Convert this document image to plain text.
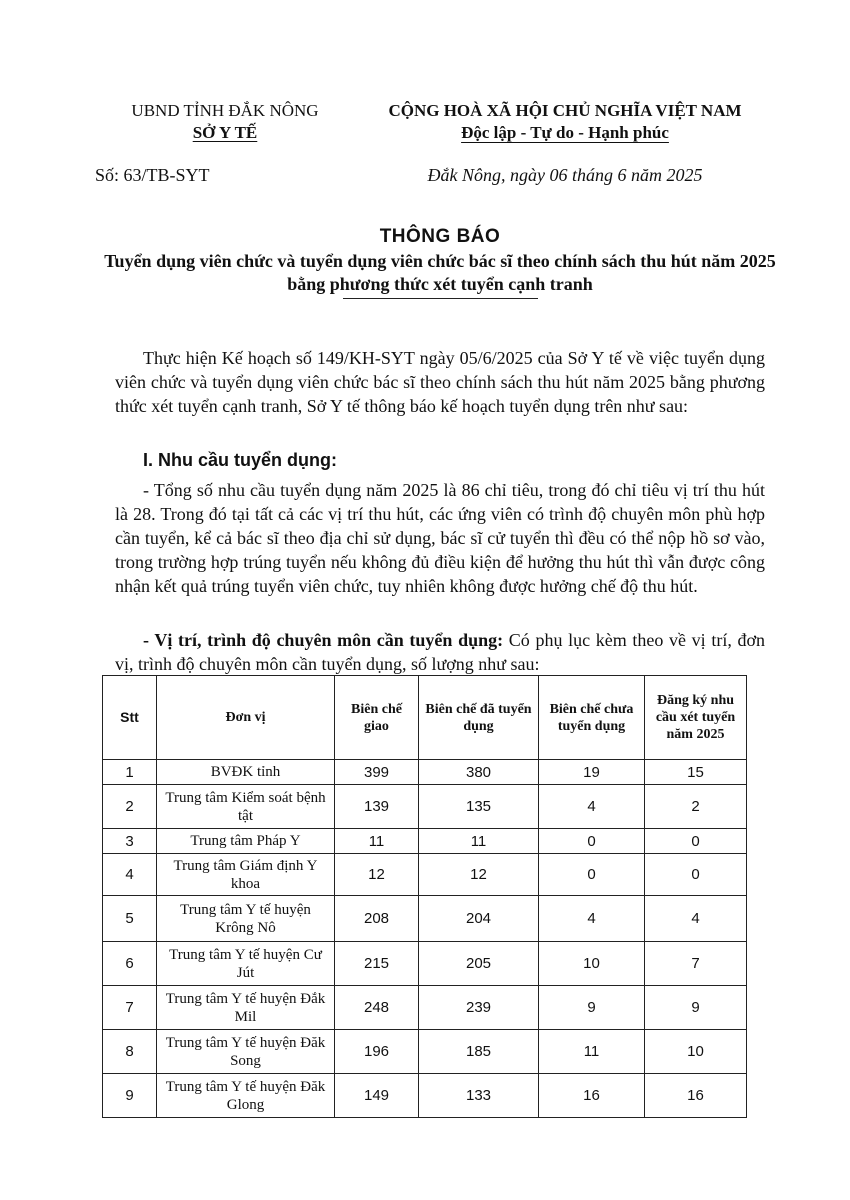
UBND TỈNH ĐẮK NÔNG
SỞ Y TẾ
CỘNG HOÀ XÃ HỘI CHỦ NGHĨA VIỆT NAM
Độc lập - Tự do - Hạnh phúc
Số: 63/TB-SYT	Đắk Nông, ngày 06 tháng 6 năm 2025
THÔNG BÁO
Tuyển dụng viên chức và tuyển dụng viên chức bác sĩ theo chính sách thu hút năm 2025 bằng phương thức xét tuyển cạnh tranh
Thực hiện Kế hoạch số 149/KH-SYT ngày 05/6/2025 của Sở Y tế về việc tuyển dụng viên chức và tuyển dụng viên chức bác sĩ theo chính sách thu hút năm 2025 bằng phương thức xét tuyển cạnh tranh, Sở Y tế thông báo kế hoạch tuyển dụng trên như sau:
I. Nhu cầu tuyển dụng:
- Tổng số nhu cầu tuyển dụng năm 2025 là 86 chỉ tiêu, trong đó chỉ tiêu vị trí thu hút là 28. Trong đó tại tất cả các vị trí thu hút, các ứng viên có trình độ chuyên môn phù hợp cần tuyển, kể cả bác sĩ theo địa chỉ sử dụng, bác sĩ cử tuyển thì đều có thể nộp hồ sơ vào, trong trường hợp trúng tuyển nếu không đủ điều kiện để hưởng thu hút thì vẫn được công nhận kết quả trúng tuyển viên chức, tuy nhiên không được hưởng chế độ thu hút.
- Vị trí, trình độ chuyên môn cần tuyển dụng: Có phụ lục kèm theo về vị trí, đơn vị, trình độ chuyên môn cần tuyển dụng, số lượng như sau:
Stt	Đơn vị	Biên chế giao	Biên chế đã tuyển dụng	Biên chế chưa tuyển dụng	Đăng ký nhu cầu xét tuyển năm 2025
1	BVĐK tỉnh	399	380	19	15
2	Trung tâm Kiểm soát bệnh tật	139	135	4	2
3	Trung tâm Pháp Y	11	11	0	0
4	Trung tâm Giám định Y khoa	12	12	0	0
5	Trung tâm Y tế huyện Krông Nô	208	204	4	4
6	Trung tâm Y tế huyện Cư Jút	215	205	10	7
7	Trung tâm Y tế huyện Đắk Mil	248	239	9	9
8	Trung tâm Y tế huyện Đăk Song	196	185	11	10
9	Trung tâm Y tế huyện Đăk Glong	149	133	16	16
